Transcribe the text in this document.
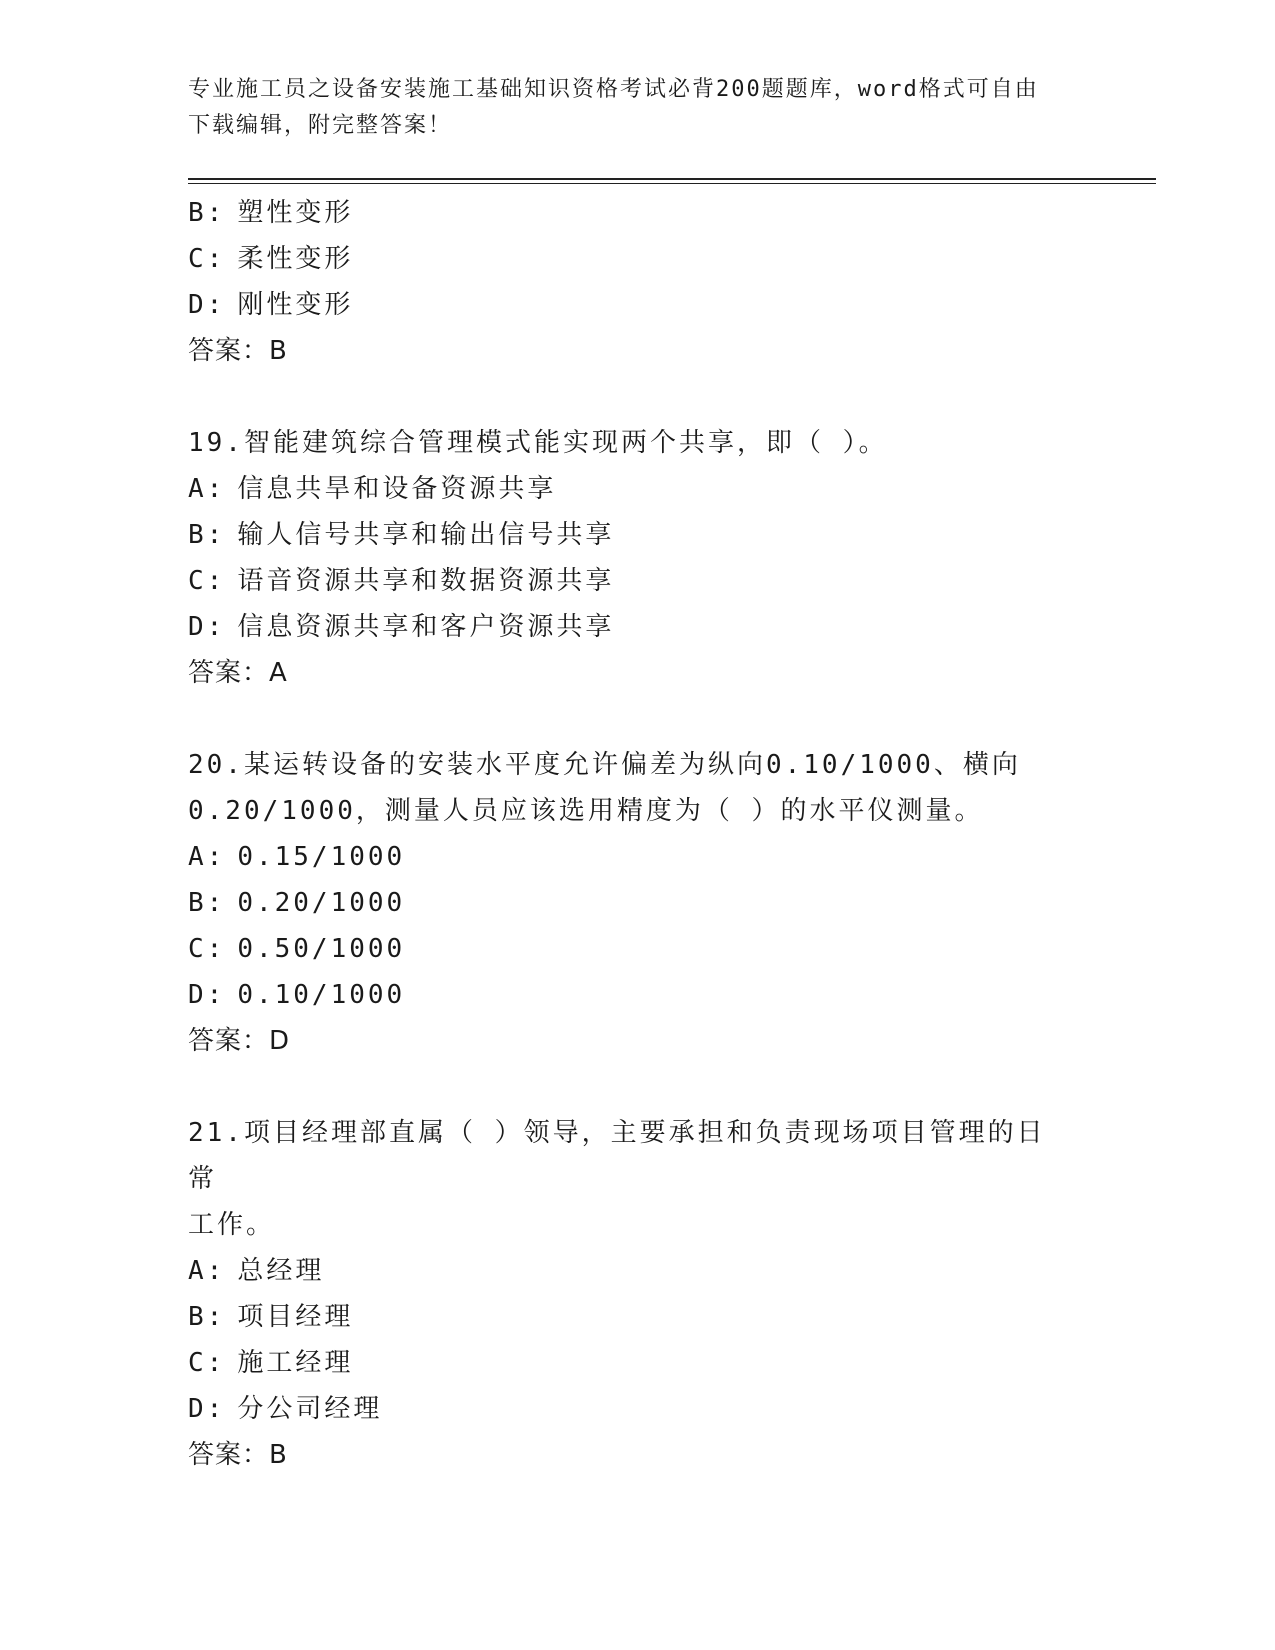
专业施工员之设备安装施工基础知识资格考试必背200题题库，word格式可自由
下载编辑，附完整答案！
B: 塑性变形
C: 柔性变形
D: 刚性变形
答案：B
19.智能建筑综合管理模式能实现两个共享，即（ ）。
A: 信息共旱和设备资源共享
B: 输人信号共享和输出信号共享
C: 语音资源共享和数据资源共享
D: 信息资源共享和客户资源共享
答案：A
20.某运转设备的安装水平度允许偏差为纵向0.10/1000、横向
0.20/1000，测量人员应该选用精度为（ ）的水平仪测量。
A: 0.15/1000
B: 0.20/1000
C: 0.50/1000
D: 0.10/1000
答案：D
21.项目经理部直属（ ）领导，主要承担和负责现场项目管理的日常
工作。
A: 总经理
B: 项目经理
C: 施工经理
D: 分公司经理
答案：B
